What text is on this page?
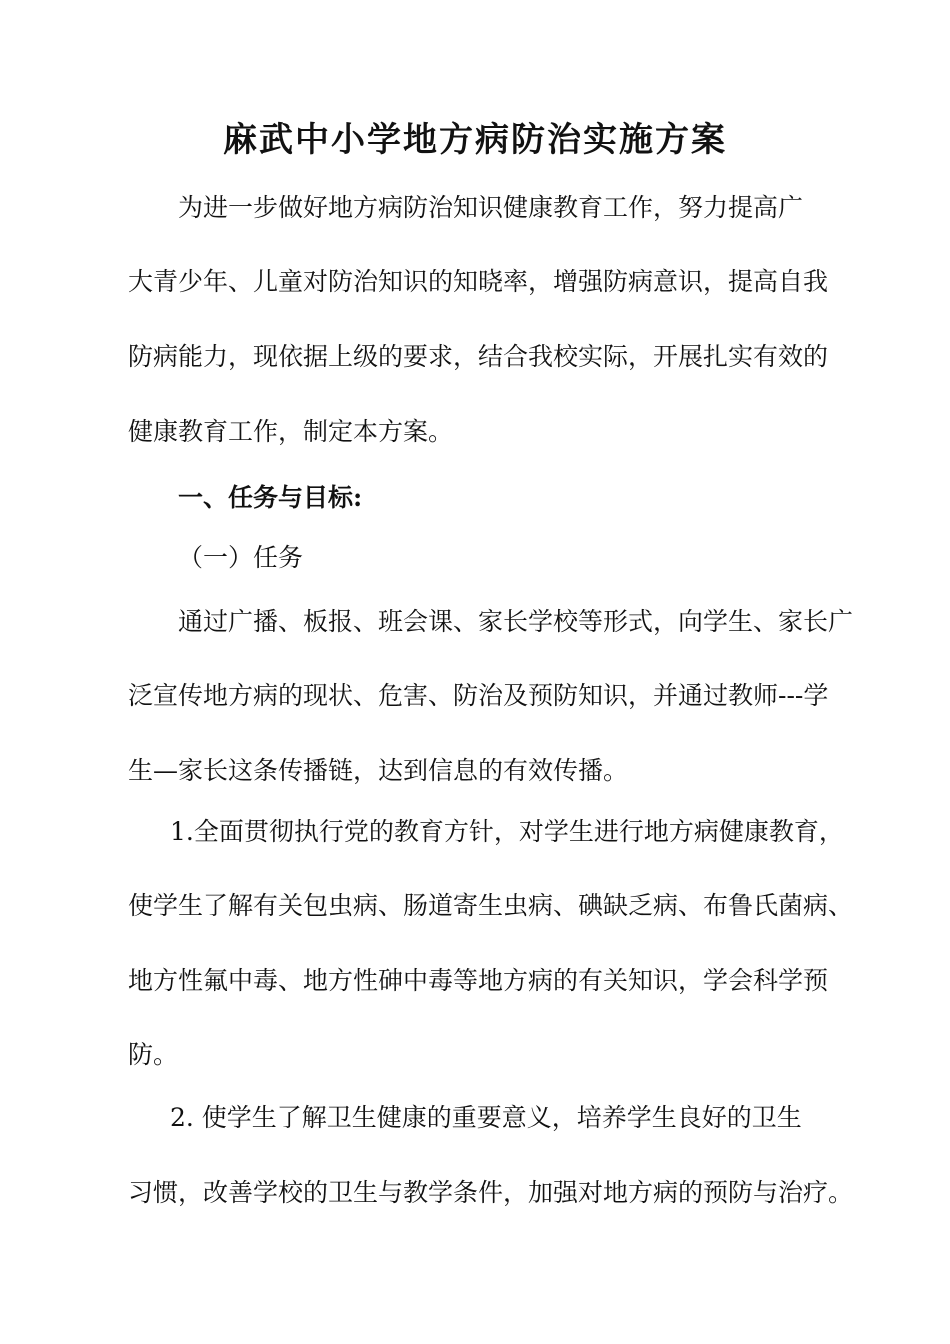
麻武中小学地方病防治实施方案
为进一步做好地方病防治知识健康教育工作，努力提高广
大青少年、儿童对防治知识的知晓率，增强防病意识，提高自我
防病能力，现依据上级的要求，结合我校实际，开展扎实有效的
健康教育工作，制定本方案。
一、任务与目标:
（一）任务
通过广播、板报、班会课、家长学校等形式，向学生、家长广
泛宣传地方病的现状、危害、防治及预防知识，并通过教师---学
生—家长这条传播链，达到信息的有效传播。
1.全面贯彻执行党的教育方针，对学生进行地方病健康教育，
使学生了解有关包虫病、肠道寄生虫病、碘缺乏病、布鲁氏菌病、
地方性氟中毒、地方性砷中毒等地方病的有关知识，学会科学预
防。
2. 使学生了解卫生健康的重要意义，培养学生良好的卫生
习惯，改善学校的卫生与教学条件，加强对地方病的预防与治疗。
